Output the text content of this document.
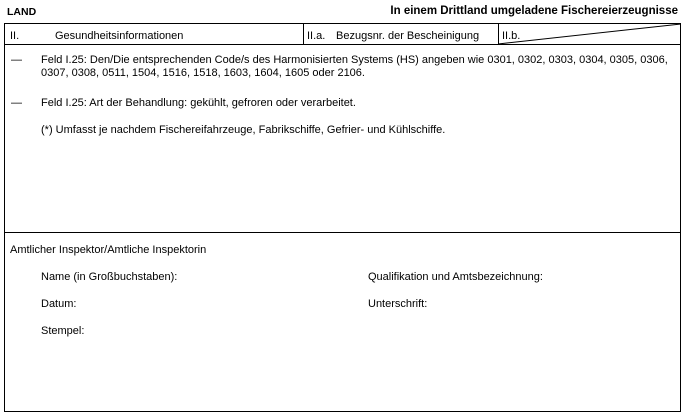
LAND	In einem Drittland umgeladene Fischereierzeugnisse
II.	Gesundheitsinformationen	II.a. Bezugsnr. der Bescheinigung II.b.
— Feld I.25: Den/Die entsprechenden Code/s des Harmonisierten Systems (HS) angeben wie 0301, 0302, 0303, 0304, 0305, 0306, 0307, 0308, 0511, 1504, 1516, 1518, 1603, 1604, 1605 oder 2106.
— Feld I.25: Art der Behandlung: gekühlt, gefroren oder verarbeitet.
(*) Umfasst je nachdem Fischereifahrzeuge, Fabrikschiffe, Gefrier- und Kühlschiffe.
Amtlicher Inspektor/Amtliche Inspektorin
Name (in Großbuchstaben):	Qualifikation und Amtsbezeichnung:
Datum:	Unterschrift:
Stempel:
